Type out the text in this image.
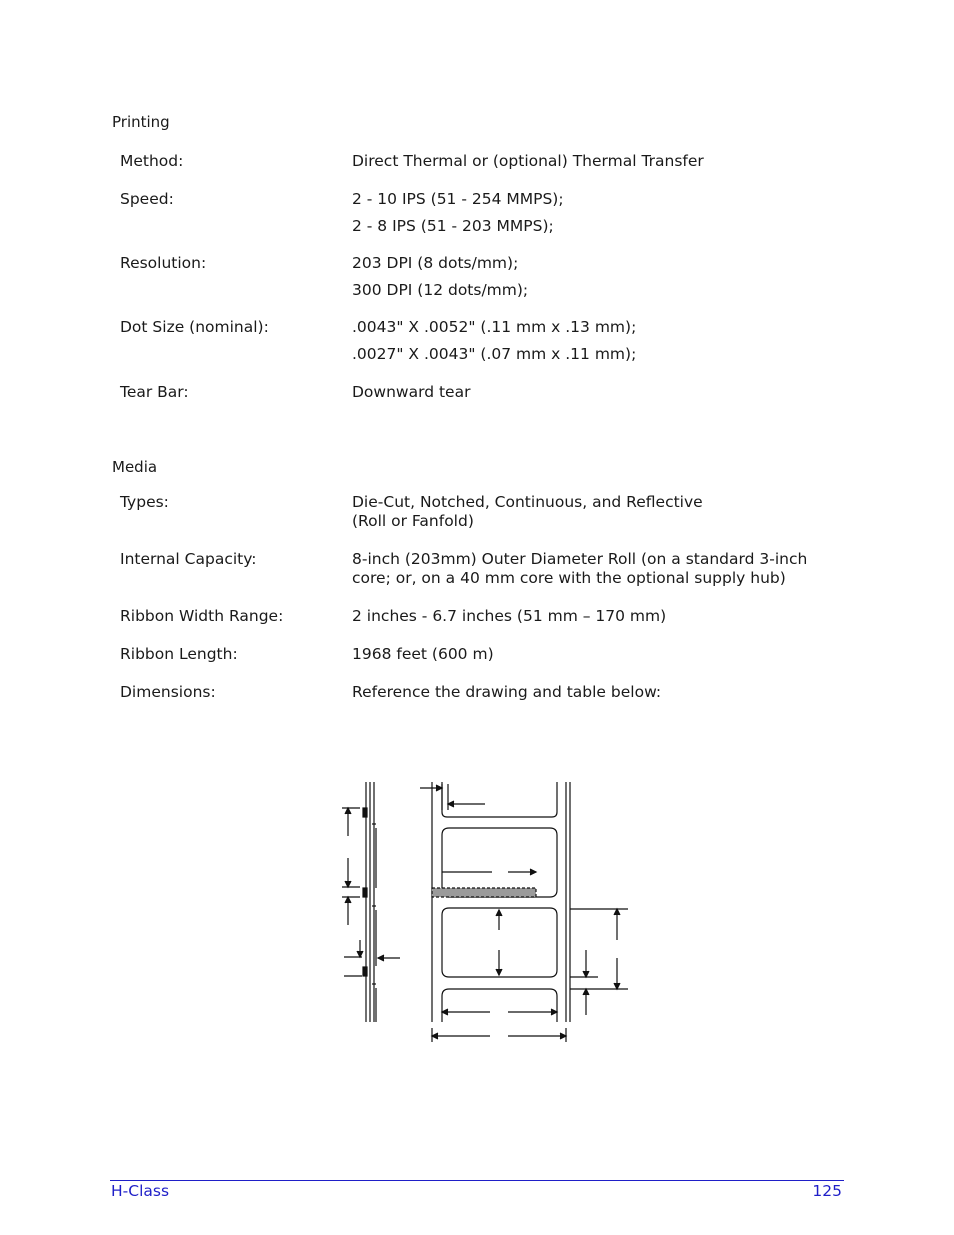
Printing
Method:	Direct Thermal or (optional) Thermal Transfer
Speed:	2 - 10 IPS (51 - 254 MMPS);
2 - 8 IPS (51 - 203 MMPS);
Resolution:	203 DPI (8 dots/mm);
300 DPI (12 dots/mm);
Dot Size (nominal):	.0043" X .0052" (.11 mm x .13 mm);
.0027" X .0043" (.07 mm x .11 mm);
Tear Bar:	Downward tear
Media
Types:	Die-Cut, Notched, Continuous, and Reflective
(Roll or Fanfold)
Internal Capacity:	8-inch (203mm) Outer Diameter Roll (on a standard 3-inch
core; or, on a 40 mm core with the optional supply hub)
Ribbon Width Range:	2 inches - 6.7 inches (51 mm – 170 mm)
Ribbon Length:	1968 feet (600 m)
Dimensions:	Reference the drawing and table below:
H-Class	125
